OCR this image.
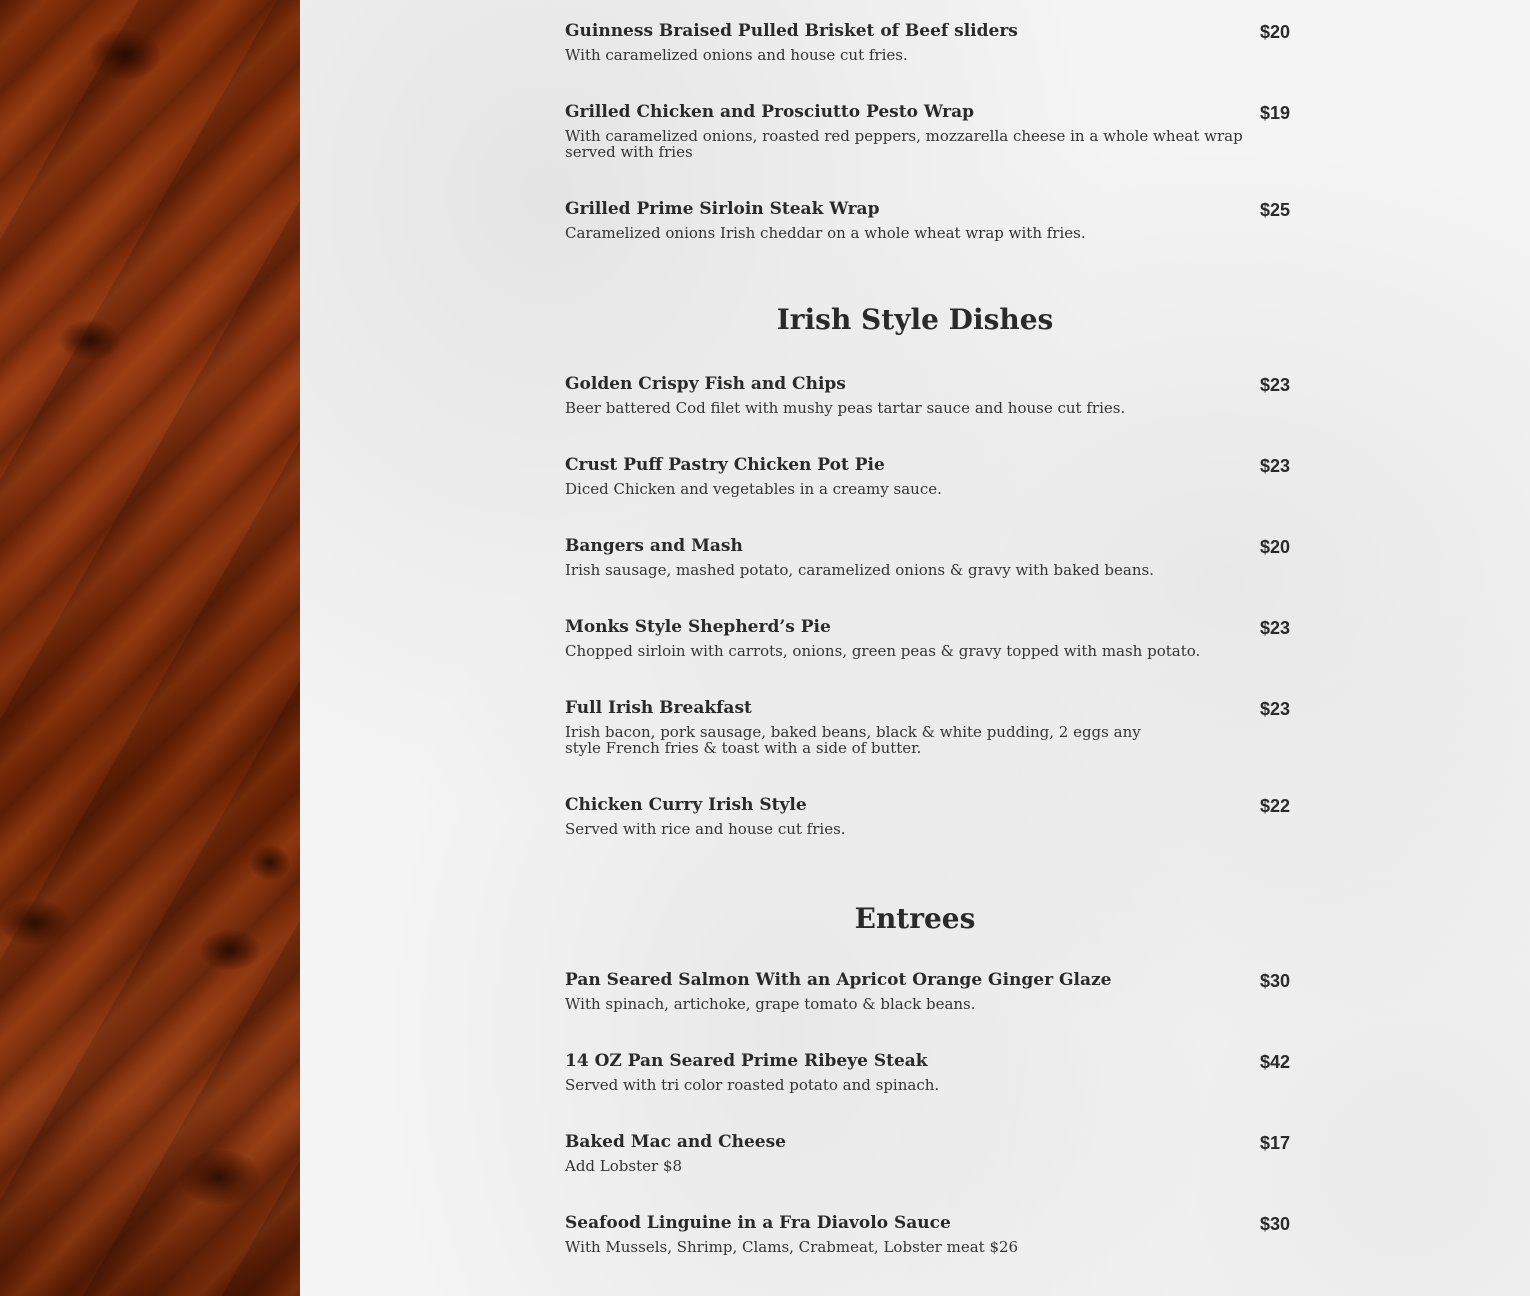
Guinness Braised Pulled Brisket of Beef sliders	$20
With caramelized onions and house cut fries.
Grilled Chicken and Prosciutto Pesto Wrap	$19
With caramelized onions, roasted red peppers, mozzarella cheese in a whole wheat wrap served with fries
Grilled Prime Sirloin Steak Wrap	$25
Caramelized onions Irish cheddar on a whole wheat wrap with fries.
Irish Style Dishes
Golden Crispy Fish and Chips	$23
Beer battered Cod filet with mushy peas tartar sauce and house cut fries.
Crust Puff Pastry Chicken Pot Pie	$23
Diced Chicken and vegetables in a creamy sauce.
Bangers and Mash	$20
Irish sausage, mashed potato, caramelized onions & gravy with baked beans.
Monks Style Shepherd’s Pie	$23
Chopped sirloin with carrots, onions, green peas & gravy topped with mash potato.
Full Irish Breakfast	$23
Irish bacon, pork sausage, baked beans, black & white pudding, 2 eggs any style French fries & toast with a side of butter.
Chicken Curry Irish Style	$22
Served with rice and house cut fries.
Entrees
Pan Seared Salmon With an Apricot Orange Ginger Glaze	$30
With spinach, artichoke, grape tomato & black beans.
14 OZ Pan Seared Prime Ribeye Steak	$42
Served with tri color roasted potato and spinach.
Baked Mac and Cheese	$17
Add Lobster $8
Seafood Linguine in a Fra Diavolo Sauce	$30
With Mussels, Shrimp, Clams, Crabmeat, Lobster meat $26
